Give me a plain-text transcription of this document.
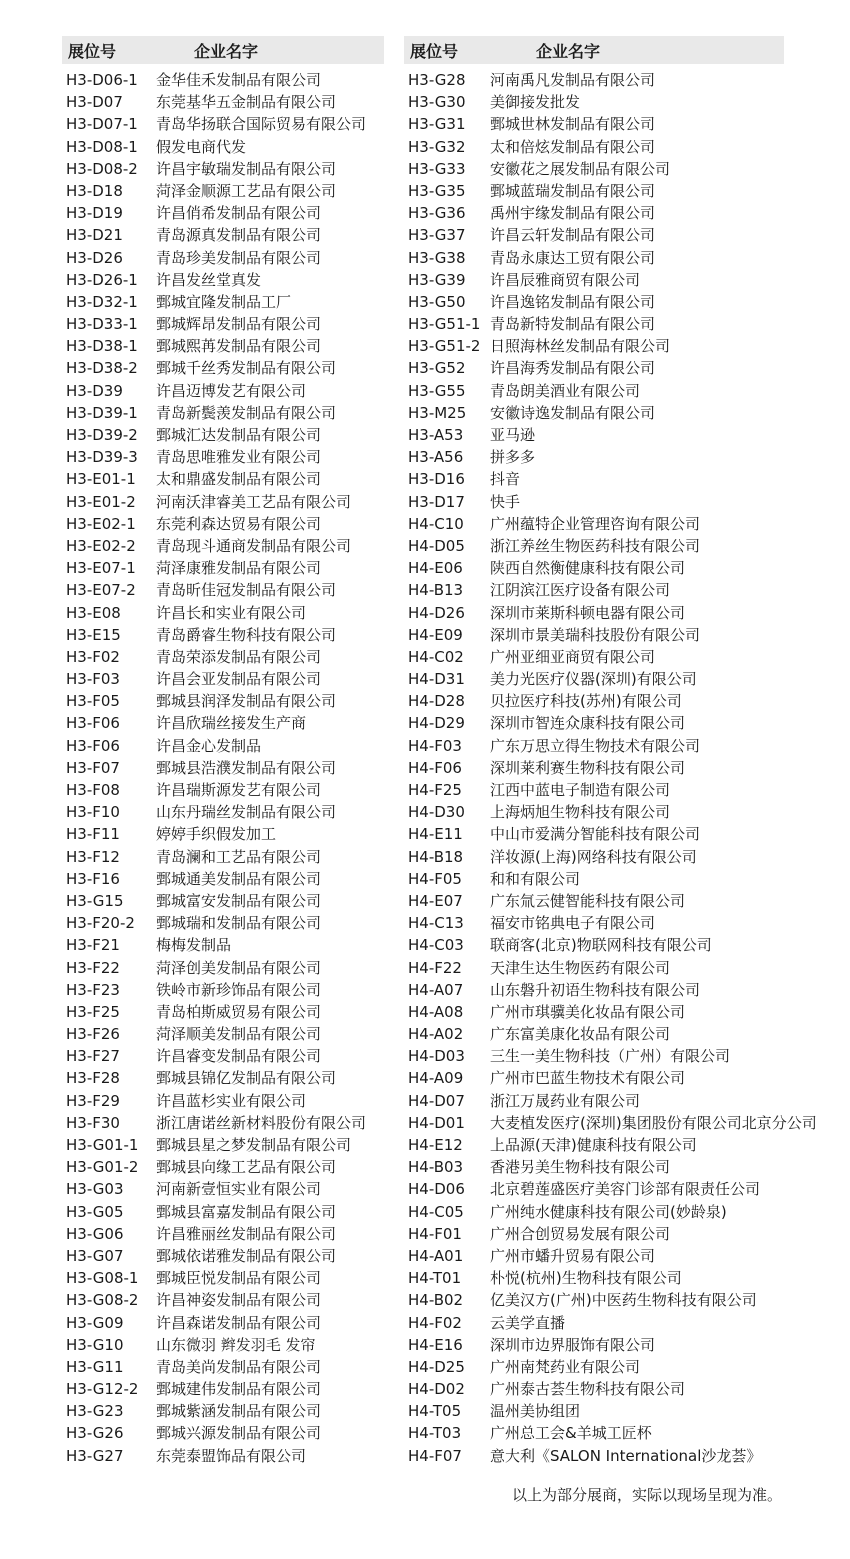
展位号	企业名字
H3-D06-1	金华佳禾发制品有限公司
H3-D07	东莞基华五金制品有限公司
H3-D07-1	青岛华扬联合国际贸易有限公司
H3-D08-1	假发电商代发
H3-D08-2	许昌宇敏瑞发制品有限公司
H3-D18	菏泽金顺源工艺品有限公司
H3-D19	许昌俏希发制品有限公司
H3-D21	青岛源真发制品有限公司
H3-D26	青岛珍美发制品有限公司
H3-D26-1	许昌发丝堂真发
H3-D32-1	鄄城宜隆发制品工厂
H3-D33-1	鄄城辉昂发制品有限公司
H3-D38-1	鄄城熙苒发制品有限公司
H3-D38-2	鄄城千丝秀发制品有限公司
H3-D39	许昌迈博发艺有限公司
H3-D39-1	青岛新鬓羡发制品有限公司
H3-D39-2	鄄城汇达发制品有限公司
H3-D39-3	青岛思唯雅发业有限公司
H3-E01-1	太和鼎盛发制品有限公司
H3-E01-2	河南沃津睿美工艺品有限公司
H3-E02-1	东莞利森达贸易有限公司
H3-E02-2	青岛现斗通商发制品有限公司
H3-E07-1	菏泽康雅发制品有限公司
H3-E07-2	青岛昕佳冠发制品有限公司
H3-E08	许昌长和实业有限公司
H3-E15	青岛爵睿生物科技有限公司
H3-F02	青岛荣添发制品有限公司
H3-F03	许昌会亚发制品有限公司
H3-F05	鄄城县润泽发制品有限公司
H3-F06	许昌欣瑞丝接发生产商
H3-F06	许昌金心发制品
H3-F07	鄄城县浩濮发制品有限公司
H3-F08	许昌瑞斯源发艺有限公司
H3-F10	山东丹瑞丝发制品有限公司
H3-F11	婷婷手织假发加工
H3-F12	青岛澜和工艺品有限公司
H3-F16	鄄城通美发制品有限公司
H3-G15	鄄城富安发制品有限公司
H3-F20-2	鄄城瑞和发制品有限公司
H3-F21	梅梅发制品
H3-F22	菏泽创美发制品有限公司
H3-F23	铁岭市新珍饰品有限公司
H3-F25	青岛柏斯威贸易有限公司
H3-F26	菏泽顺美发制品有限公司
H3-F27	许昌睿变发制品有限公司
H3-F28	鄄城县锦亿发制品有限公司
H3-F29	许昌蓝杉实业有限公司
H3-F30	浙江唐诺丝新材料股份有限公司
H3-G01-1	鄄城县星之梦发制品有限公司
H3-G01-2	鄄城县向缘工艺品有限公司
H3-G03	河南新壹恒实业有限公司
H3-G05	鄄城县富嘉发制品有限公司
H3-G06	许昌雅丽丝发制品有限公司
H3-G07	鄄城依诺雅发制品有限公司
H3-G08-1	鄄城臣悦发制品有限公司
H3-G08-2	许昌神姿发制品有限公司
H3-G09	许昌森诺发制品有限公司
H3-G10	山东微羽 辫发羽毛 发帘
H3-G11	青岛美尚发制品有限公司
H3-G12-2	鄄城建伟发制品有限公司
H3-G23	鄄城紫涵发制品有限公司
H3-G26	鄄城兴源发制品有限公司
H3-G27	东莞泰盟饰品有限公司
展位号	企业名字
H3-G28	河南禹凡发制品有限公司
H3-G30	美御接发批发
H3-G31	鄄城世林发制品有限公司
H3-G32	太和倍炫发制品有限公司
H3-G33	安徽花之展发制品有限公司
H3-G35	鄄城蓝瑞发制品有限公司
H3-G36	禹州宇缘发制品有限公司
H3-G37	许昌云轩发制品有限公司
H3-G38	青岛永康达工贸有限公司
H3-G39	许昌辰雅商贸有限公司
H3-G50	许昌逸铭发制品有限公司
H3-G51-1 青岛新特发制品有限公司
H3-G51-2 日照海林丝发制品有限公司
H3-G52	许昌海秀发制品有限公司
H3-G55	青岛朗美酒业有限公司
H3-M25	安徽诗逸发制品有限公司
H3-A53	亚马逊
H3-A56	拼多多
H3-D16	抖音
H3-D17	快手
H4-C10	广州蕴特企业管理咨询有限公司
H4-D05	浙江养丝生物医药科技有限公司
H4-E06	陕西自然衡健康科技有限公司
H4-B13	江阴滨江医疗设备有限公司
H4-D26	深圳市莱斯科顿电器有限公司
H4-E09	深圳市景美瑞科技股份有限公司
H4-C02	广州亚细亚商贸有限公司
H4-D31	美力光医疗仪器(深圳)有限公司
H4-D28	贝拉医疗科技(苏州)有限公司
H4-D29	深圳市智连众康科技有限公司
H4-F03	广东万思立得生物技术有限公司
H4-F06	深圳莱利赛生物科技有限公司
H4-F25	江西中蓝电子制造有限公司
H4-D30	上海炳旭生物科技有限公司
H4-E11	中山市爱满分智能科技有限公司
H4-B18	洋妆源(上海)网络科技有限公司
H4-F05	和和有限公司
H4-E07	广东氚云健智能科技有限公司
H4-C13	福安市铭典电子有限公司
H4-C03	联商客(北京)物联网科技有限公司
H4-F22	天津生达生物医药有限公司
H4-A07	山东磐升初语生物科技有限公司
H4-A08	广州市琪骥美化妆品有限公司
H4-A02	广东富美康化妆品有限公司
H4-D03	三生一美生物科技（广州）有限公司
H4-A09	广州市巴蓝生物技术有限公司
H4-D07	浙江万晟药业有限公司
H4-D01	大麦植发医疗(深圳)集团股份有限公司北京分公司
H4-E12	上品源(天津)健康科技有限公司
H4-B03	香港另美生物科技有限公司
H4-D06	北京碧莲盛医疗美容门诊部有限责任公司
H4-C05	广州纯水健康科技有限公司(妙龄泉)
H4-F01	广州合创贸易发展有限公司
H4-A01	广州市蟠升贸易有限公司
H4-T01	朴悦(杭州)生物科技有限公司
H4-B02	亿美汉方(广州)中医药生物科技有限公司
H4-F02	云美学直播
H4-E16	深圳市边界服饰有限公司
H4-D25	广州南梵药业有限公司
H4-D02	广州泰古荟生物科技有限公司
H4-T05	温州美协组团
H4-T03	广州总工会&羊城工匠杯
H4-F07	意大利《SALON International沙龙荟》
以上为部分展商，实际以现场呈现为准。
